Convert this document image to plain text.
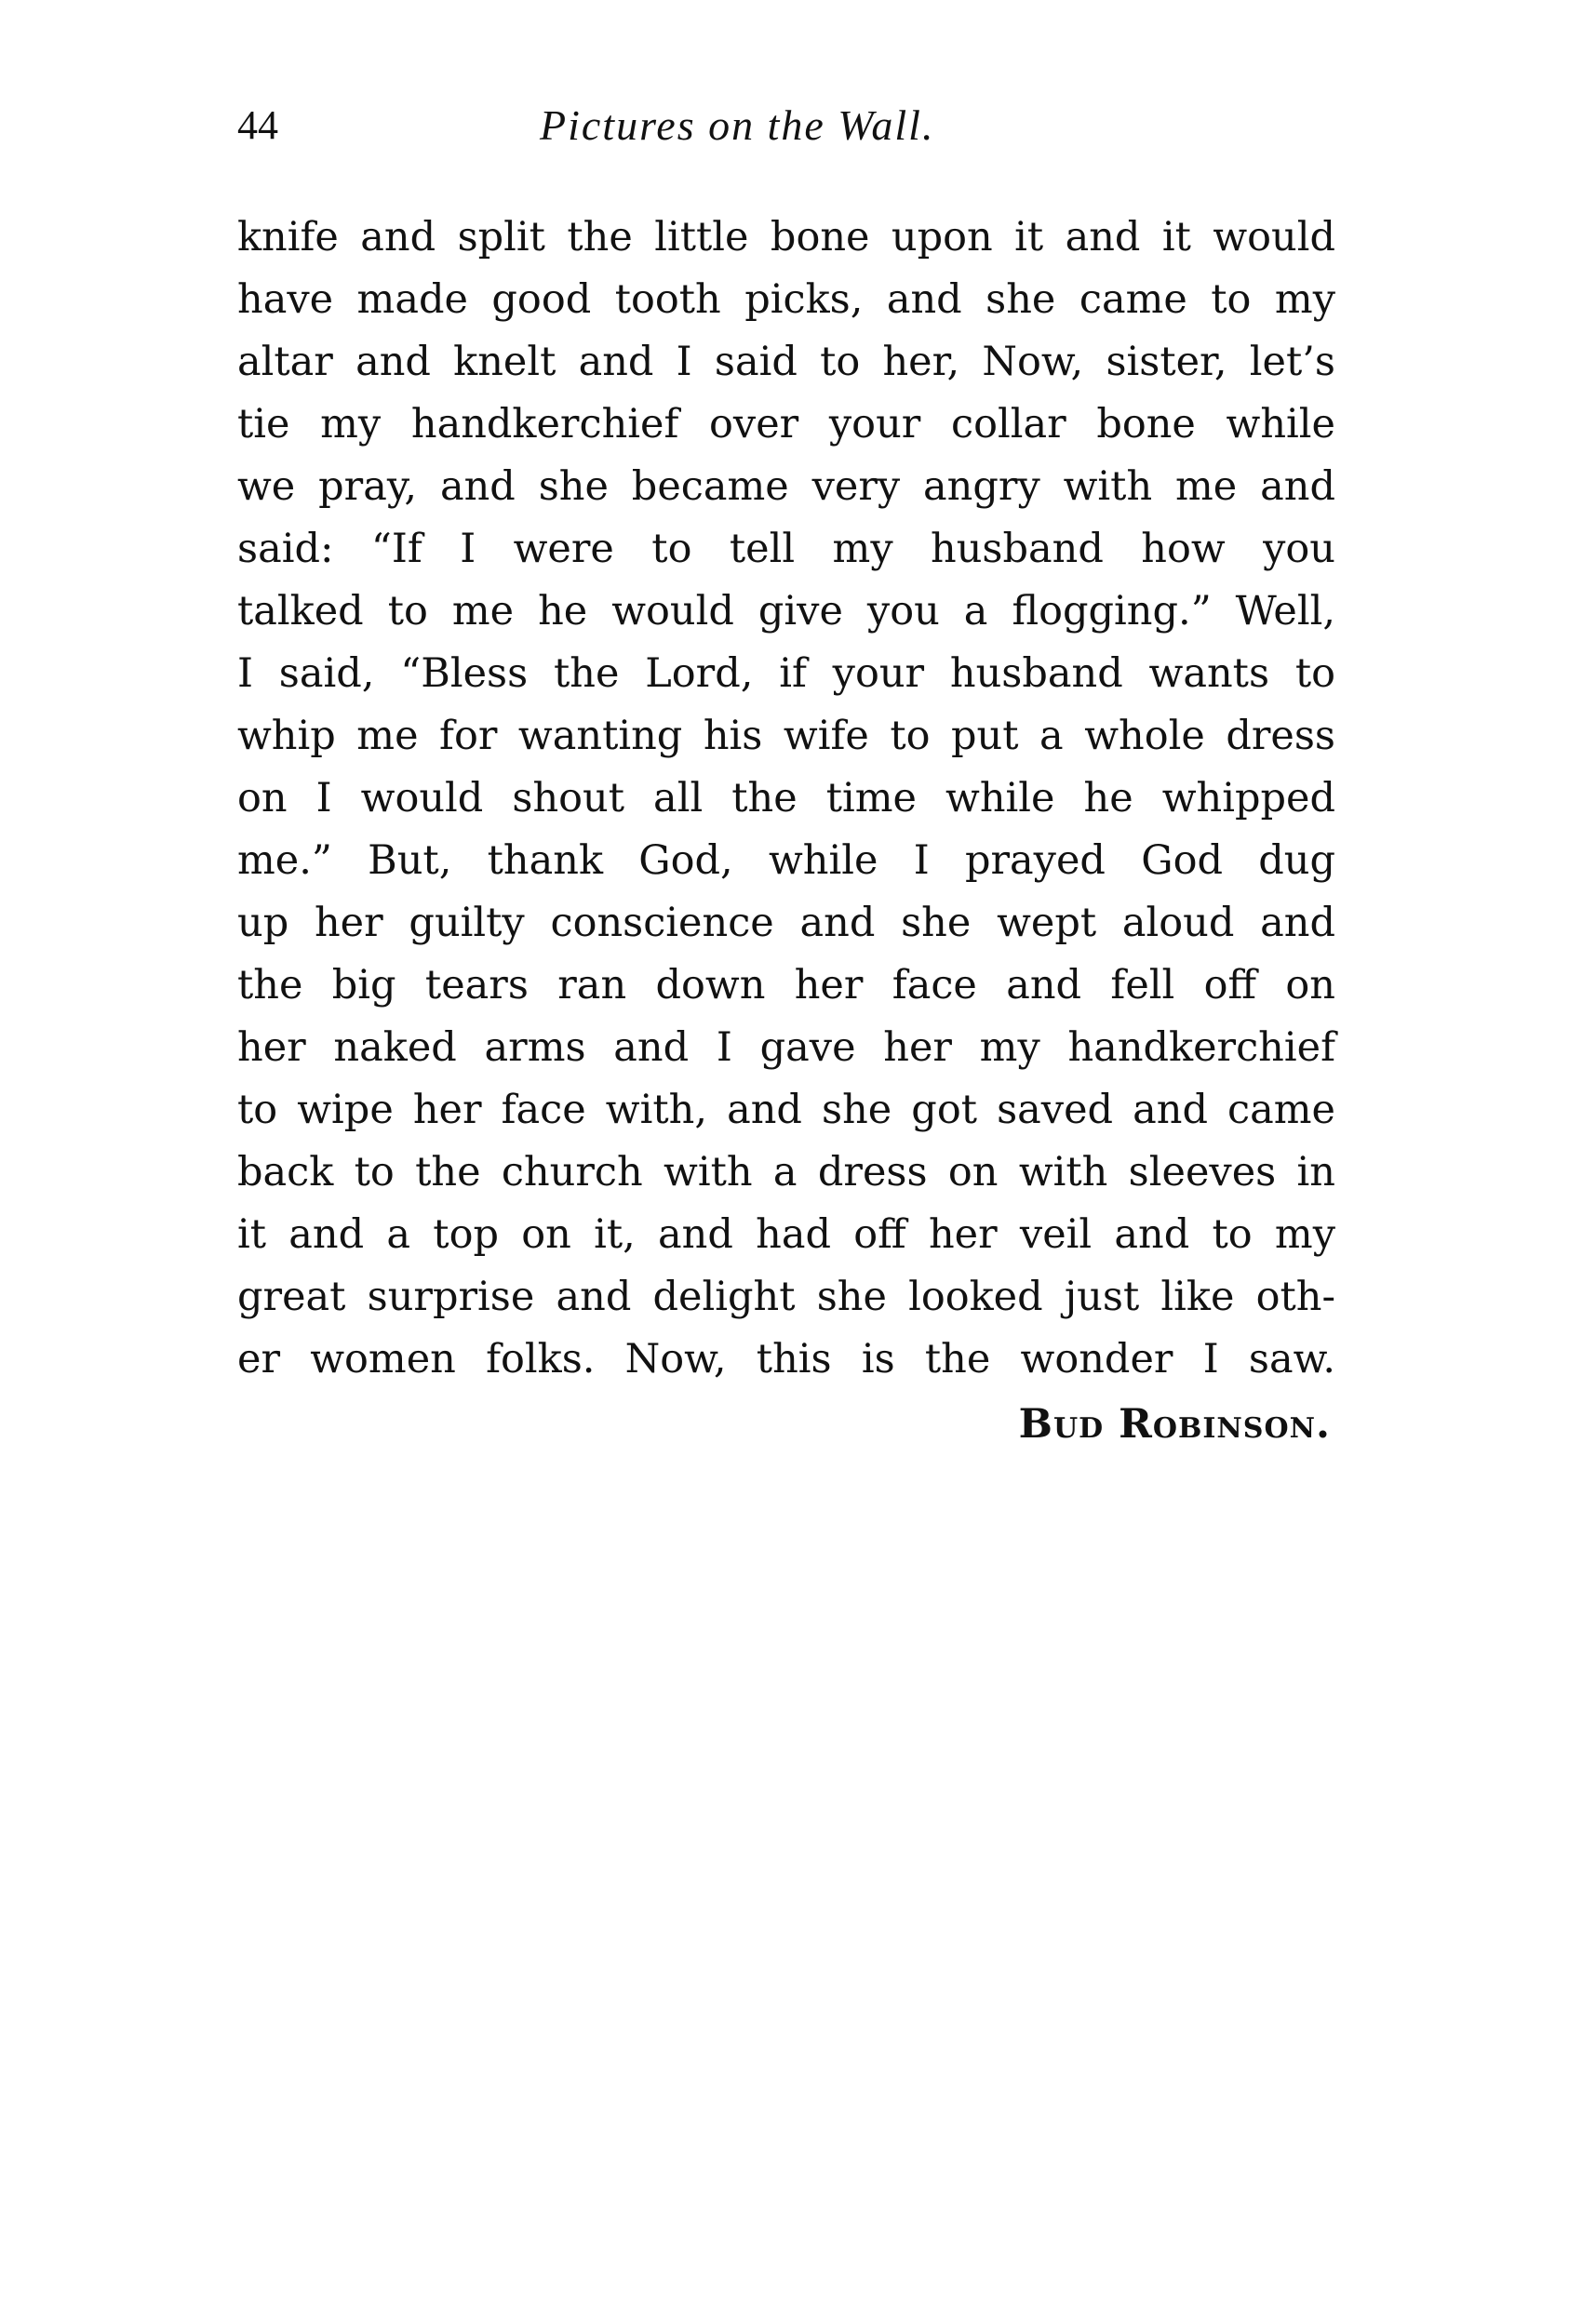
44	Pictures on the Wall.
knife and split the little bone upon it and it would
have made good tooth picks, and she came to my
altar and knelt and I said to her, Now, sister, let’s
tie my handkerchief over your collar bone while
we pray, and she became very angry with me and
said: “If I were to tell my husband how you
talked to me he would give you a flogging.” Well,
I said, “Bless the Lord, if your husband wants to
whip me for wanting his wife to put a whole dress
on I would shout all the time while he whipped
me.” But, thank God, while I prayed God dug
up her guilty conscience and she wept aloud and
the big tears ran down her face and fell off on
her naked arms and I gave her my handkerchief
to wipe her face with, and she got saved and came
back to the church with a dress on with sleeves in
it and a top on it, and had off her veil and to my
great surprise and delight she looked just like oth-
er women folks. Now, this is the wonder I saw.
Bud Robinson.
